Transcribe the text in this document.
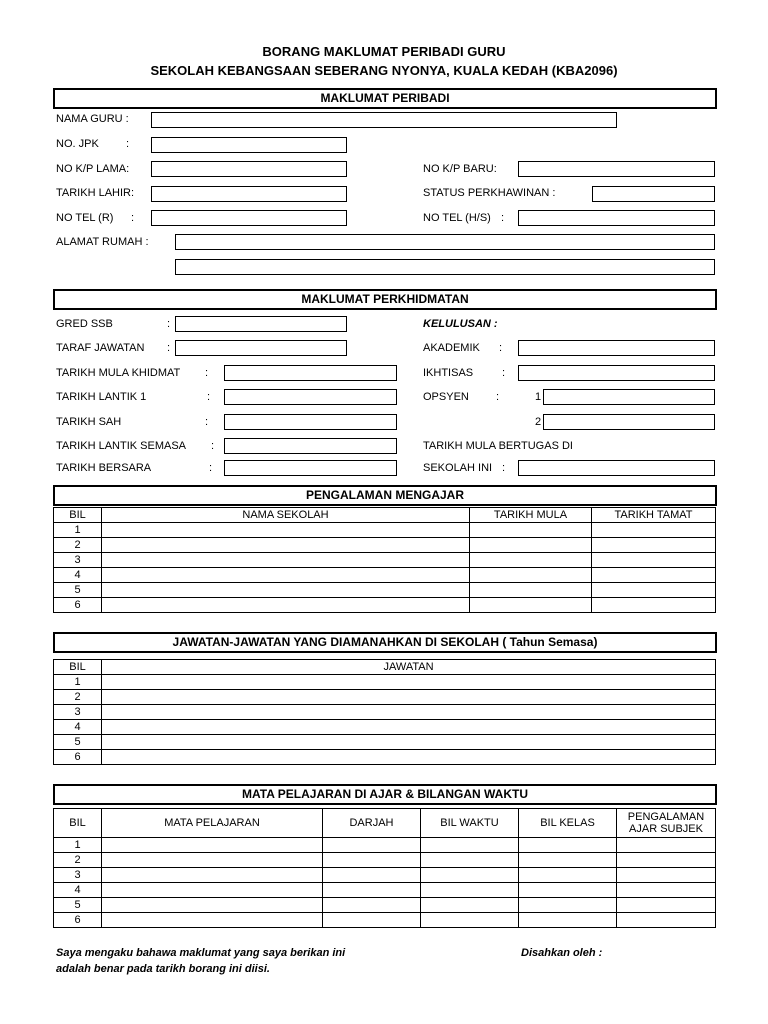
BORANG MAKLUMAT PERIBADI GURU
SEKOLAH KEBANGSAAN SEBERANG NYONYA, KUALA KEDAH (KBA2096)
MAKLUMAT PERIBADI
NAMA GURU :
NO. JPK :
NO K/P LAMA:	NO K/P BARU:
TARIKH LAHIR:	STATUS PERKHAWINAN :
NO TEL (R) :	NO TEL (H/S) :
ALAMAT RUMAH :
MAKLUMAT PERKHIDMATAN
GRED SSB	:	KELULUSAN :
TARAF JAWATAN :	AKADEMIK :
TARIKH MULA KHIDMAT :	IKHTISAS	:
TARIKH LANTIK 1	:	OPSYEN :	1
TARIKH SAH	:	2
TARIKH LANTIK SEMASA :	TARIKH MULA BERTUGAS DI
TARIKH BERSARA	:	SEKOLAH INI :
PENGALAMAN MENGAJAR
BIL	NAMA SEKOLAH	TARIKH MULA	TARIKH TAMAT
1			
2			
3			
4			
5			
6			
JAWATAN-JAWATAN YANG DIAMANAHKAN DI SEKOLAH ( Tahun Semasa)
BIL	JAWATAN
1	
2	
3	
4	
5	
6	
MATA PELAJARAN DI AJAR & BILANGAN WAKTU
BIL	MATA PELAJARAN	DARJAH	BIL WAKTU	BIL KELAS	PENGALAMAN AJAR SUBJEK
1					
2					
3					
4					
5					
6					
Saya mengaku bahawa maklumat yang saya berikan ini
adalah benar pada tarikh borang ini diisi.
Disahkan oleh :
